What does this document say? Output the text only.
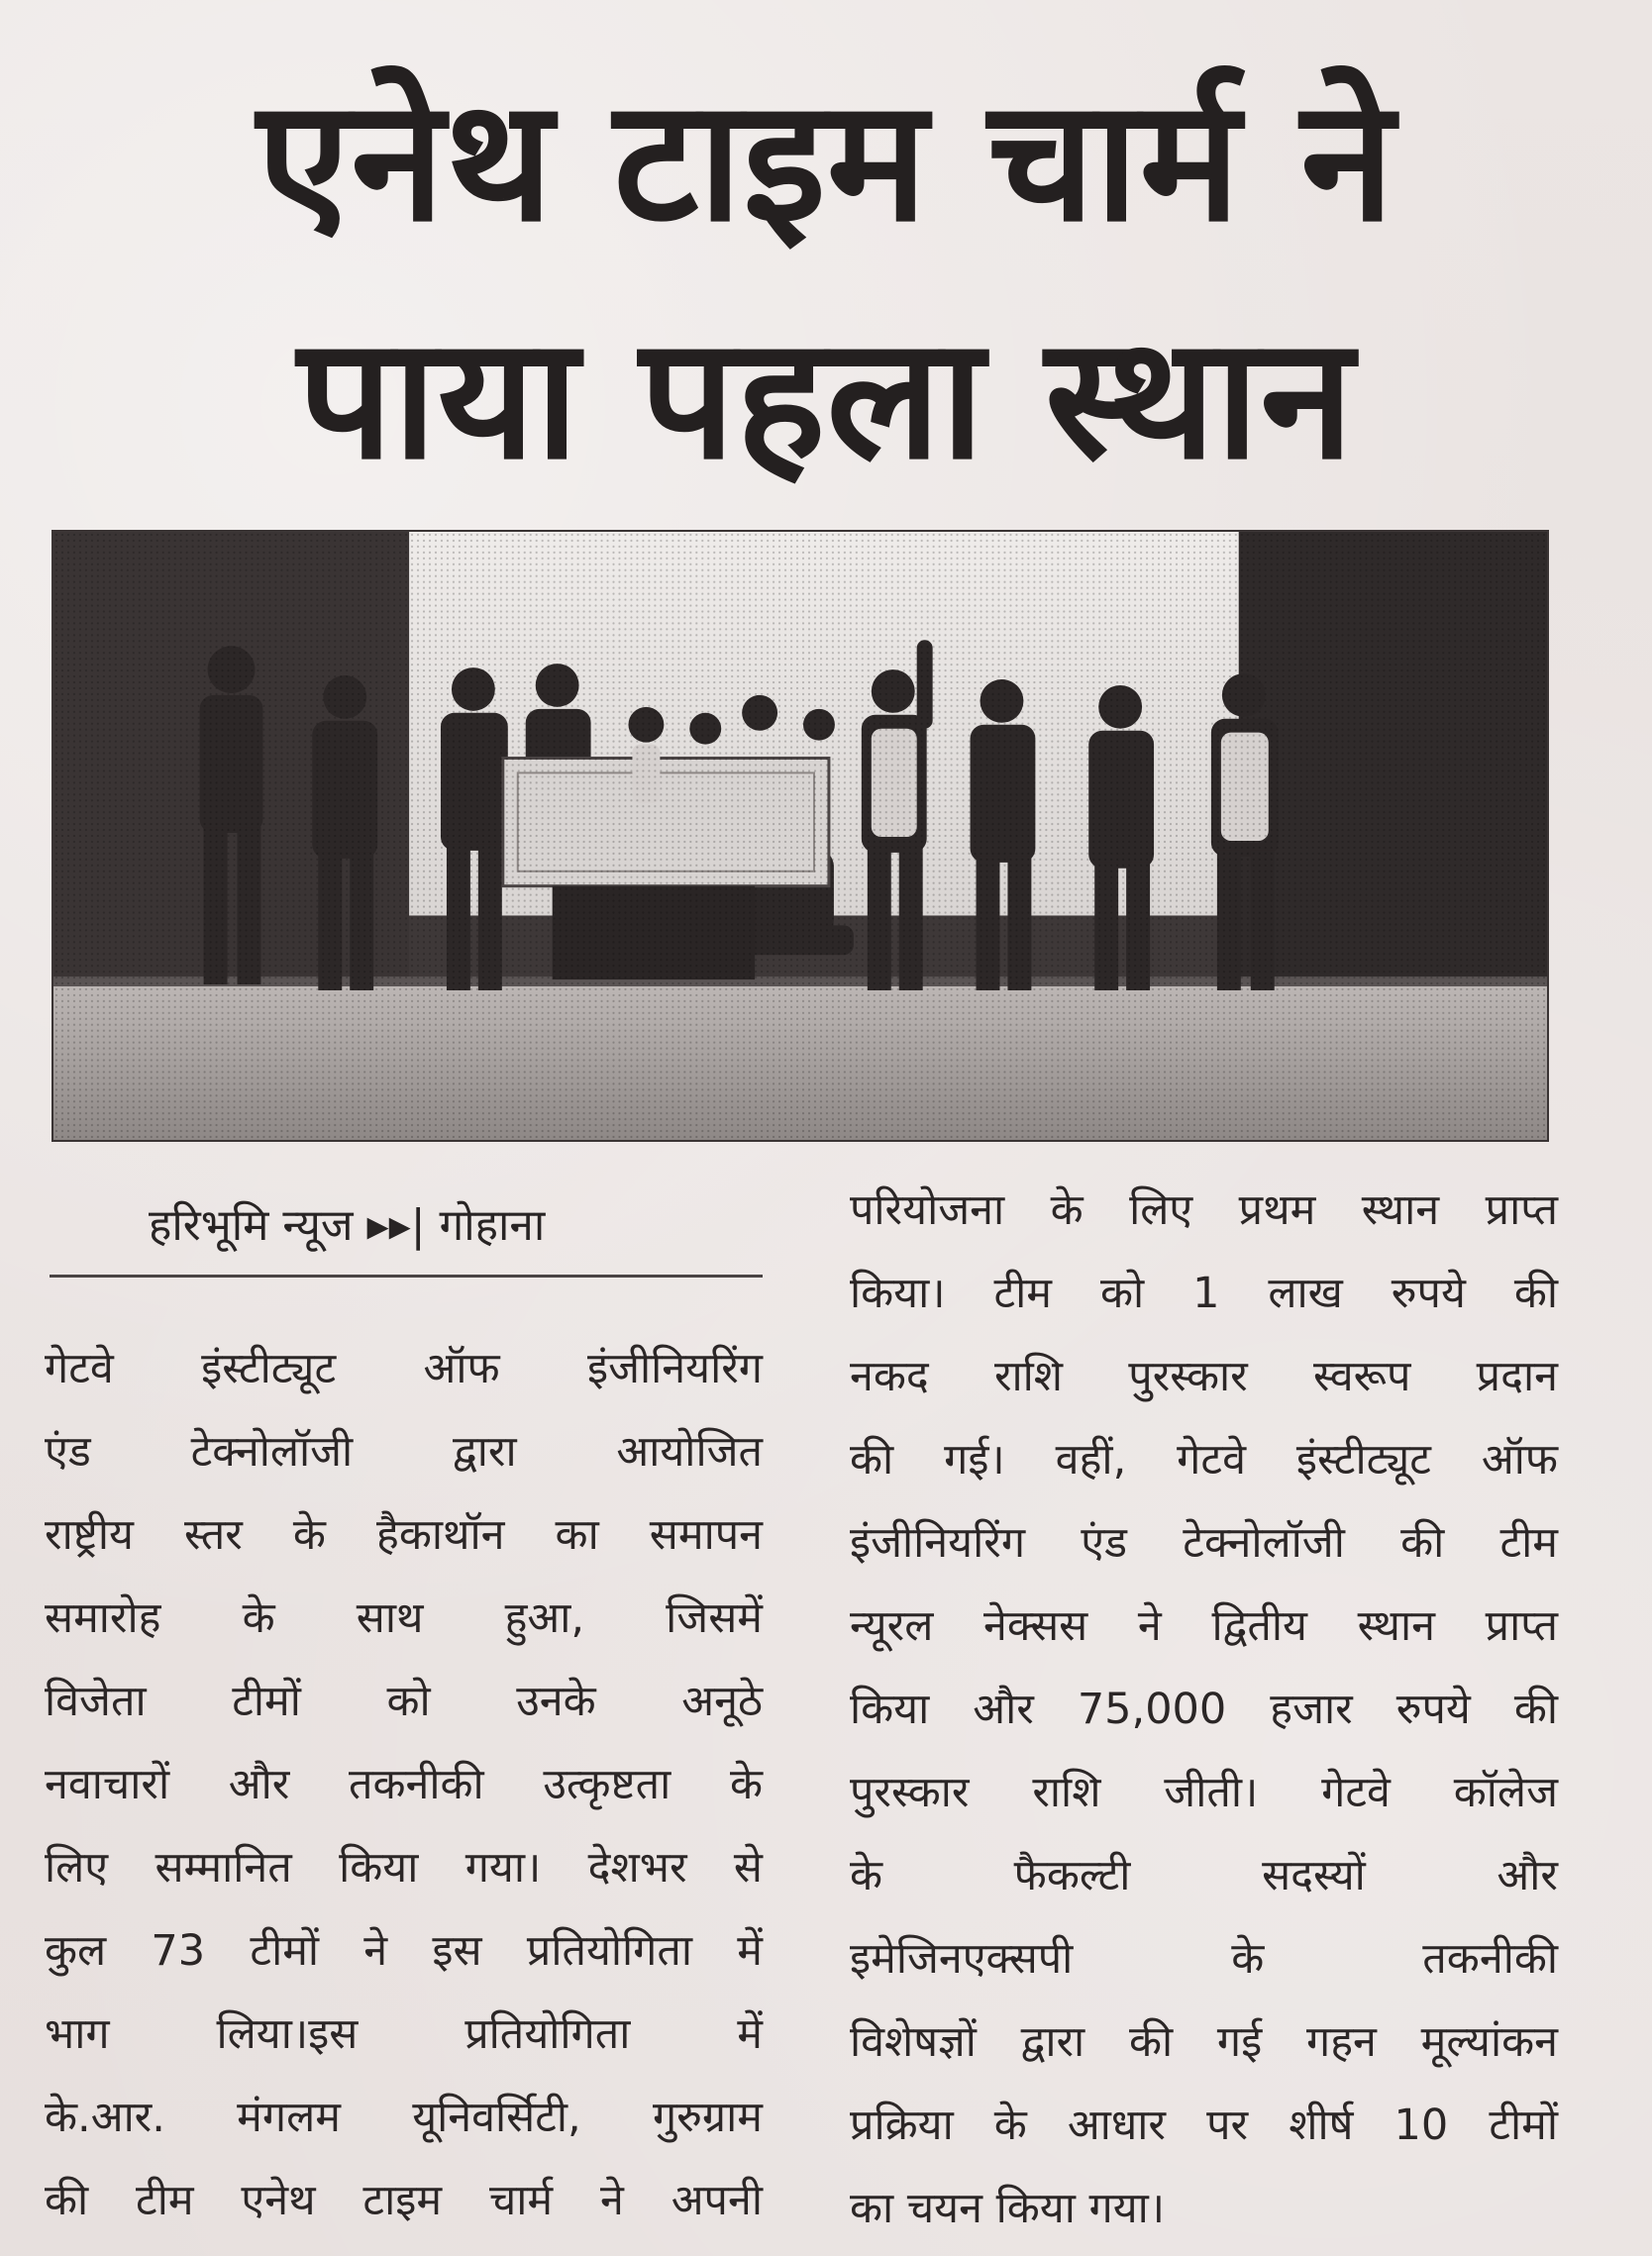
एनेथ टाइम चार्म ने
पाया पहला स्थान
हरिभूमि न्यूज ▸▸| गोहाना
गेटवे इंस्टीट्यूट ऑफ इंजीनियरिंग
एंड टेक्नोलॉजी द्वारा आयोजित
राष्ट्रीय स्तर के हैकाथॉन का समापन
समारोह के साथ हुआ, जिसमें
विजेता टीमों को उनके अनूठे
नवाचारों और तकनीकी उत्कृष्टता के
लिए सम्मानित किया गया। देशभर से
कुल 73 टीमों ने इस प्रतियोगिता में
भाग लिया।इस प्रतियोगिता में
के.आर. मंगलम यूनिवर्सिटी, गुरुग्राम
की टीम एनेथ टाइम चार्म ने अपनी
परियोजना के लिए प्रथम स्थान प्राप्त
किया। टीम को 1 लाख रुपये की
नकद राशि पुरस्कार स्वरूप प्रदान
की गई। वहीं, गेटवे इंस्टीट्यूट ऑफ
इंजीनियरिंग एंड टेक्नोलॉजी की टीम
न्यूरल नेक्सस ने द्वितीय स्थान प्राप्त
किया और 75,000 हजार रुपये की
पुरस्कार राशि जीती। गेटवे कॉलेज
के फैकल्टी सदस्यों और
इमेजिनएक्सपी के तकनीकी
विशेषज्ञों द्वारा की गई गहन मूल्यांकन
प्रक्रिया के आधार पर शीर्ष 10 टीमों
का चयन किया गया।
